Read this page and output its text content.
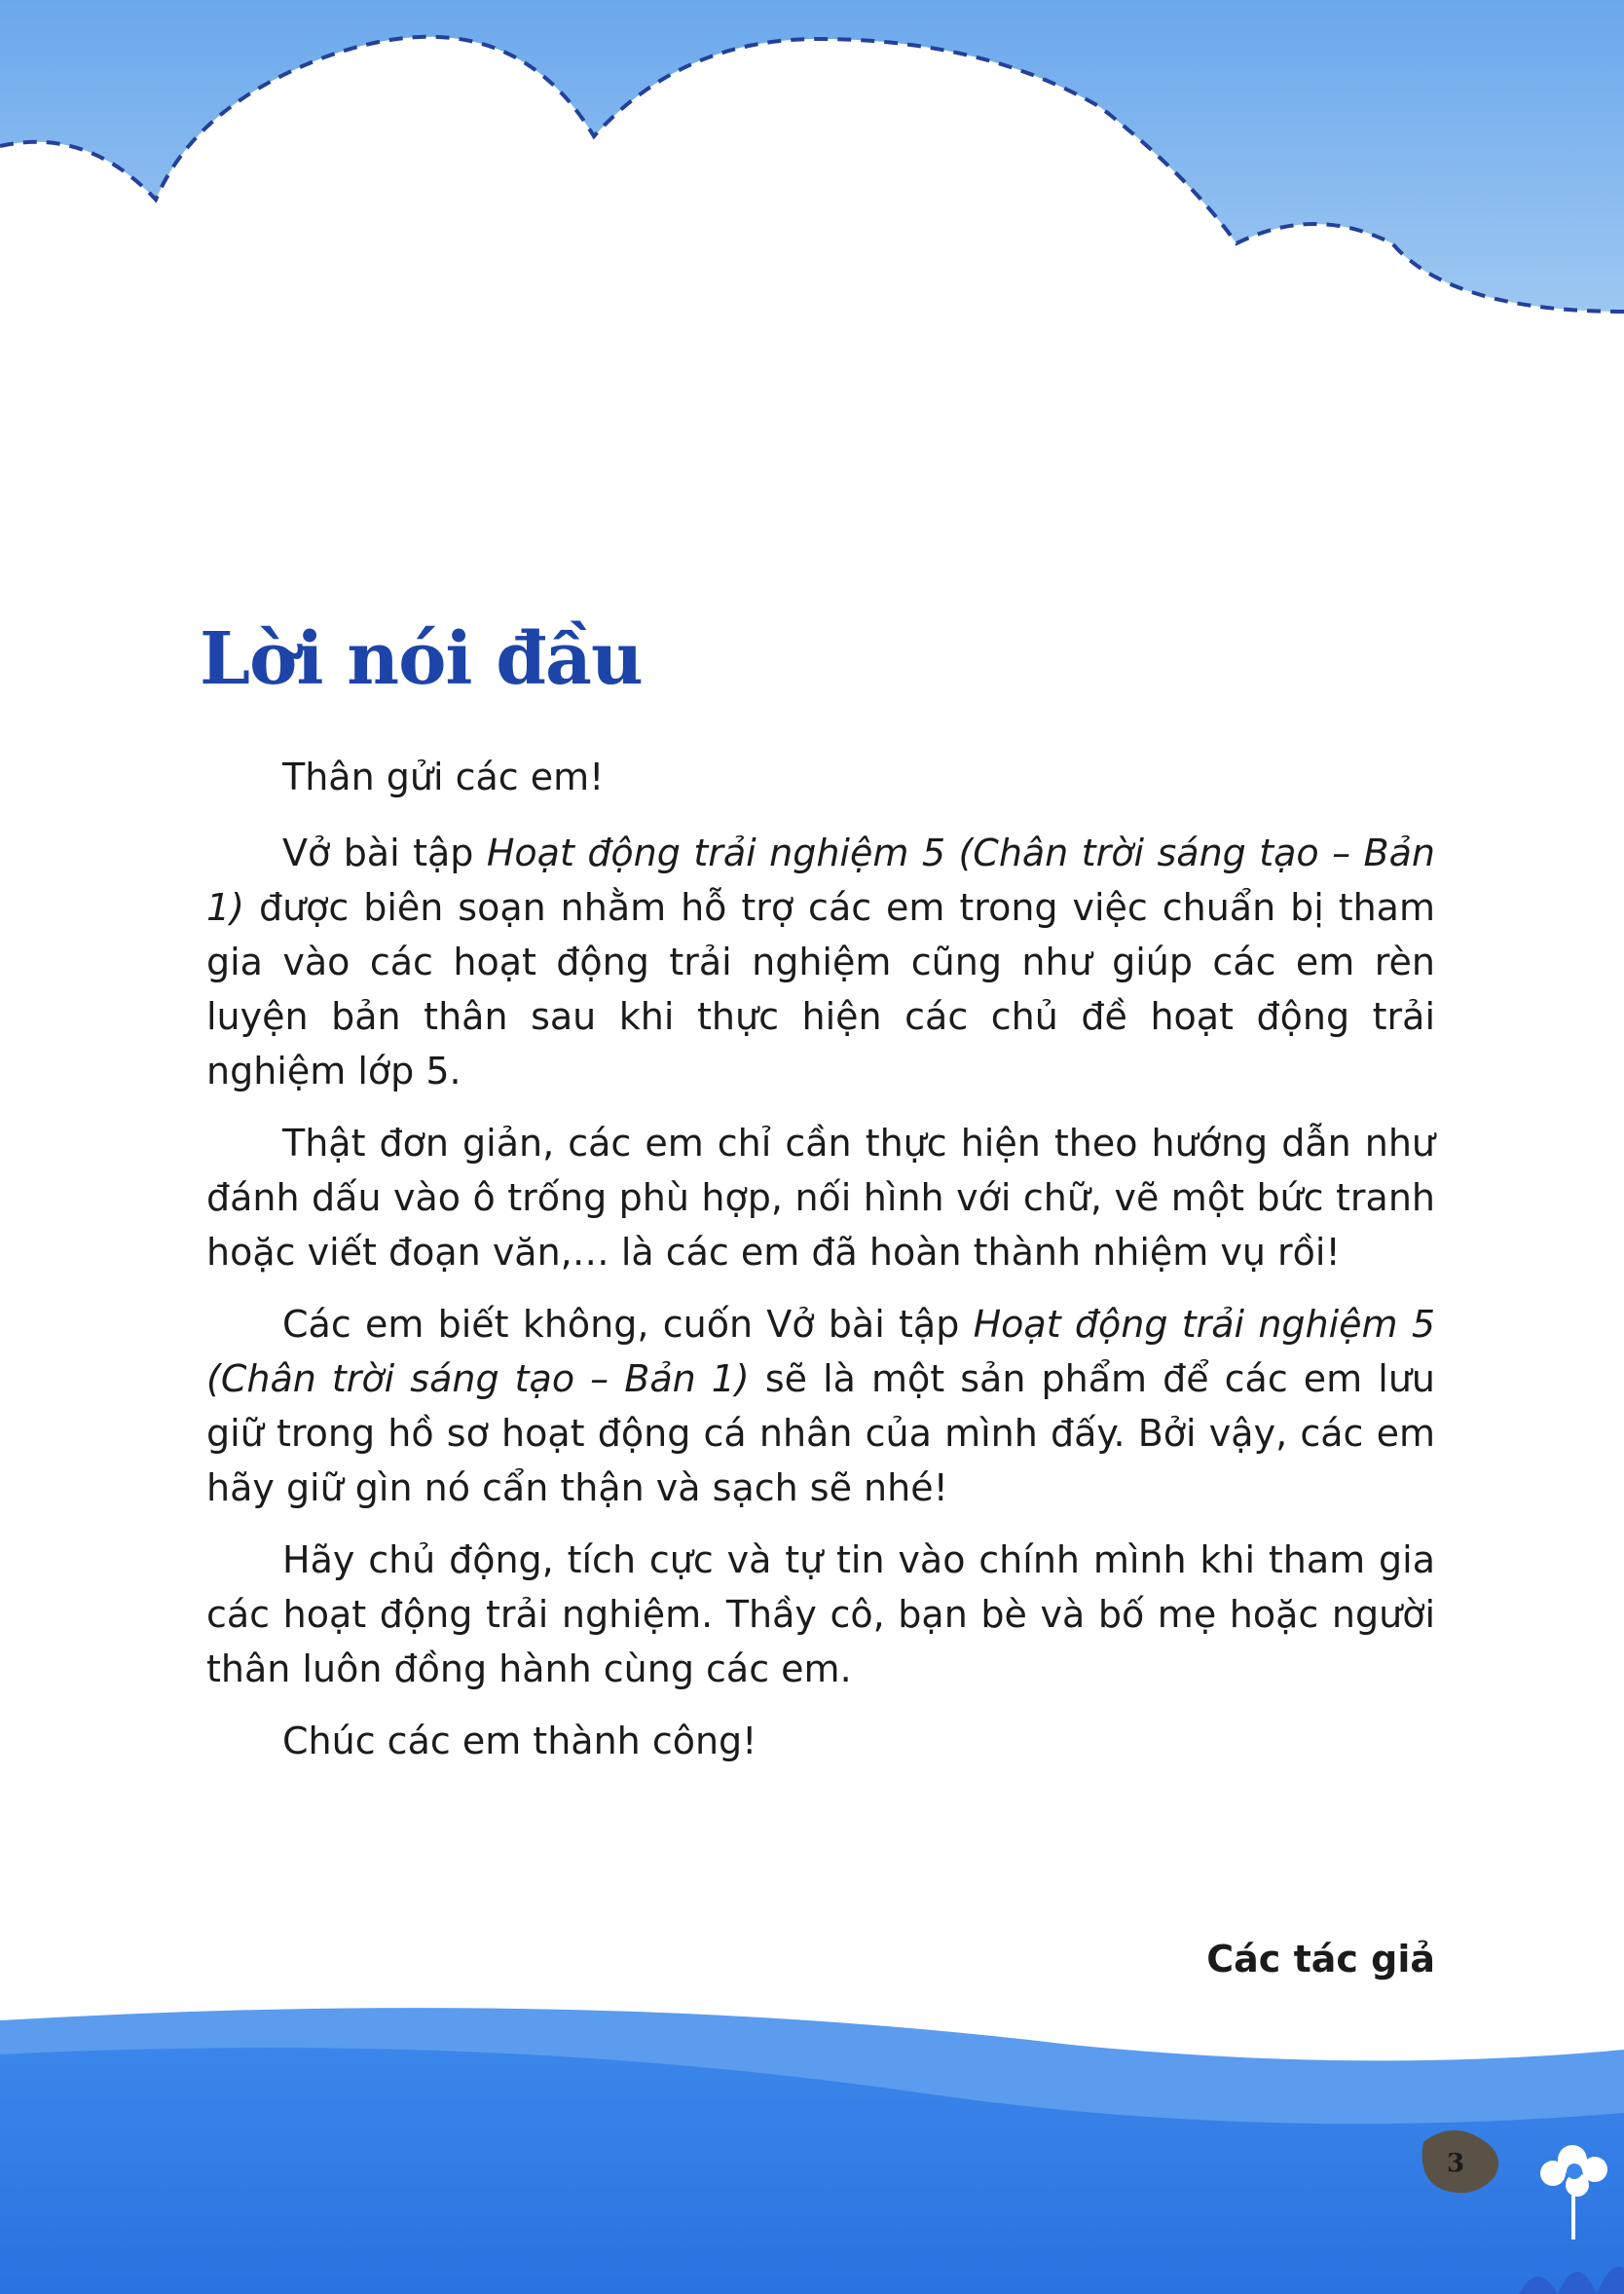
Lời nói đầu

Thân gửi các em!

Vở bài tập Hoạt động trải nghiệm 5 (Chân trời sáng tạo – Bản 1) được biên soạn nhằm hỗ trợ các em trong việc chuẩn bị tham gia vào các hoạt động trải nghiệm cũng như giúp các em rèn luyện bản thân sau khi thực hiện các chủ đề hoạt động trải nghiệm lớp 5.

Thật đơn giản, các em chỉ cần thực hiện theo hướng dẫn như đánh dấu vào ô trống phù hợp, nối hình với chữ, vẽ một bức tranh hoặc viết đoạn văn,… là các em đã hoàn thành nhiệm vụ rồi!

Các em biết không, cuốn Vở bài tập Hoạt động trải nghiệm 5 (Chân trời sáng tạo – Bản 1) sẽ là một sản phẩm để các em lưu giữ trong hồ sơ hoạt động cá nhân của mình đấy. Bởi vậy, các em hãy giữ gìn nó cẩn thận và sạch sẽ nhé!

Hãy chủ động, tích cực và tự tin vào chính mình khi tham gia các hoạt động trải nghiệm. Thầy cô, bạn bè và bố mẹ hoặc người thân luôn đồng hành cùng các em.

Chúc các em thành công!

Các tác giả
3
